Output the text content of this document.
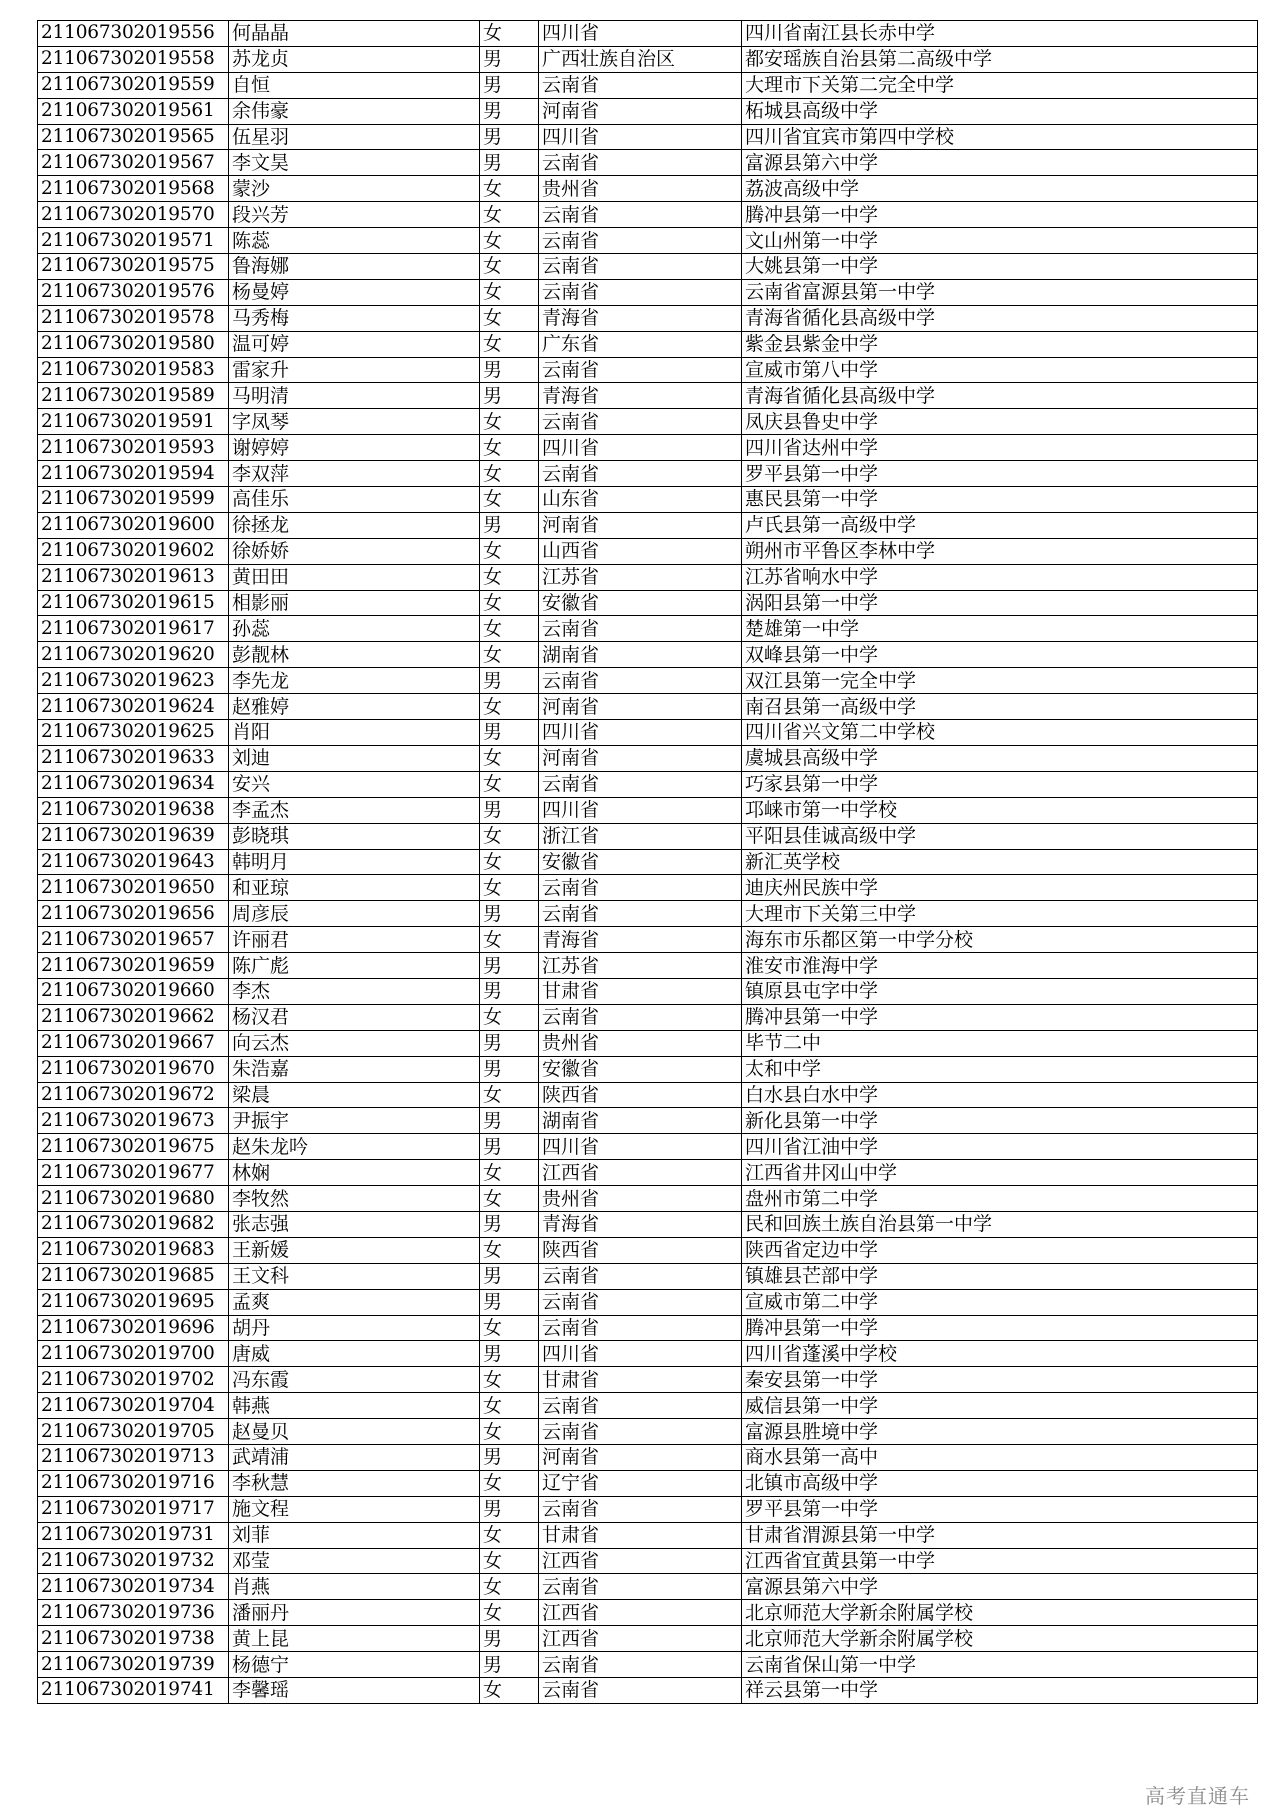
211067302019556	何晶晶	女	四川省	四川省南江县长赤中学
211067302019558	苏龙贞	男	广西壮族自治区	都安瑶族自治县第二高级中学
211067302019559	自恒	男	云南省	大理市下关第二完全中学
211067302019561	余伟豪	男	河南省	柘城县高级中学
211067302019565	伍星羽	男	四川省	四川省宜宾市第四中学校
211067302019567	李文昊	男	云南省	富源县第六中学
211067302019568	蒙沙	女	贵州省	荔波高级中学
211067302019570	段兴芳	女	云南省	腾冲县第一中学
211067302019571	陈蕊	女	云南省	文山州第一中学
211067302019575	鲁海娜	女	云南省	大姚县第一中学
211067302019576	杨曼婷	女	云南省	云南省富源县第一中学
211067302019578	马秀梅	女	青海省	青海省循化县高级中学
211067302019580	温可婷	女	广东省	紫金县紫金中学
211067302019583	雷家升	男	云南省	宣威市第八中学
211067302019589	马明清	男	青海省	青海省循化县高级中学
211067302019591	字凤琴	女	云南省	凤庆县鲁史中学
211067302019593	谢婷婷	女	四川省	四川省达州中学
211067302019594	李双萍	女	云南省	罗平县第一中学
211067302019599	高佳乐	女	山东省	惠民县第一中学
211067302019600	徐拯龙	男	河南省	卢氏县第一高级中学
211067302019602	徐娇娇	女	山西省	朔州市平鲁区李林中学
211067302019613	黄田田	女	江苏省	江苏省响水中学
211067302019615	相影丽	女	安徽省	涡阳县第一中学
211067302019617	孙蕊	女	云南省	楚雄第一中学
211067302019620	彭靓林	女	湖南省	双峰县第一中学
211067302019623	李先龙	男	云南省	双江县第一完全中学
211067302019624	赵雅婷	女	河南省	南召县第一高级中学
211067302019625	肖阳	男	四川省	四川省兴文第二中学校
211067302019633	刘迪	女	河南省	虞城县高级中学
211067302019634	安兴	女	云南省	巧家县第一中学
211067302019638	李孟杰	男	四川省	邛崃市第一中学校
211067302019639	彭晓琪	女	浙江省	平阳县佳诚高级中学
211067302019643	韩明月	女	安徽省	新汇英学校
211067302019650	和亚琼	女	云南省	迪庆州民族中学
211067302019656	周彦辰	男	云南省	大理市下关第三中学
211067302019657	许丽君	女	青海省	海东市乐都区第一中学分校
211067302019659	陈广彪	男	江苏省	淮安市淮海中学
211067302019660	李杰	男	甘肃省	镇原县屯字中学
211067302019662	杨汉君	女	云南省	腾冲县第一中学
211067302019667	向云杰	男	贵州省	毕节二中
211067302019670	朱浩嘉	男	安徽省	太和中学
211067302019672	梁晨	女	陕西省	白水县白水中学
211067302019673	尹振宇	男	湖南省	新化县第一中学
211067302019675	赵朱龙吟	男	四川省	四川省江油中学
211067302019677	林娴	女	江西省	江西省井冈山中学
211067302019680	李牧然	女	贵州省	盘州市第二中学
211067302019682	张志强	男	青海省	民和回族土族自治县第一中学
211067302019683	王新媛	女	陕西省	陕西省定边中学
211067302019685	王文科	男	云南省	镇雄县芒部中学
211067302019695	孟爽	男	云南省	宣威市第二中学
211067302019696	胡丹	女	云南省	腾冲县第一中学
211067302019700	唐威	男	四川省	四川省蓬溪中学校
211067302019702	冯东霞	女	甘肃省	秦安县第一中学
211067302019704	韩燕	女	云南省	威信县第一中学
211067302019705	赵曼贝	女	云南省	富源县胜境中学
211067302019713	武靖浦	男	河南省	商水县第一高中
211067302019716	李秋慧	女	辽宁省	北镇市高级中学
211067302019717	施文程	男	云南省	罗平县第一中学
211067302019731	刘菲	女	甘肃省	甘肃省渭源县第一中学
211067302019732	邓莹	女	江西省	江西省宜黄县第一中学
211067302019734	肖燕	女	云南省	富源县第六中学
211067302019736	潘丽丹	女	江西省	北京师范大学新余附属学校
211067302019738	黄上昆	男	江西省	北京师范大学新余附属学校
211067302019739	杨德宁	男	云南省	云南省保山第一中学
211067302019741	李馨瑶	女	云南省	祥云县第一中学
高考直通车
